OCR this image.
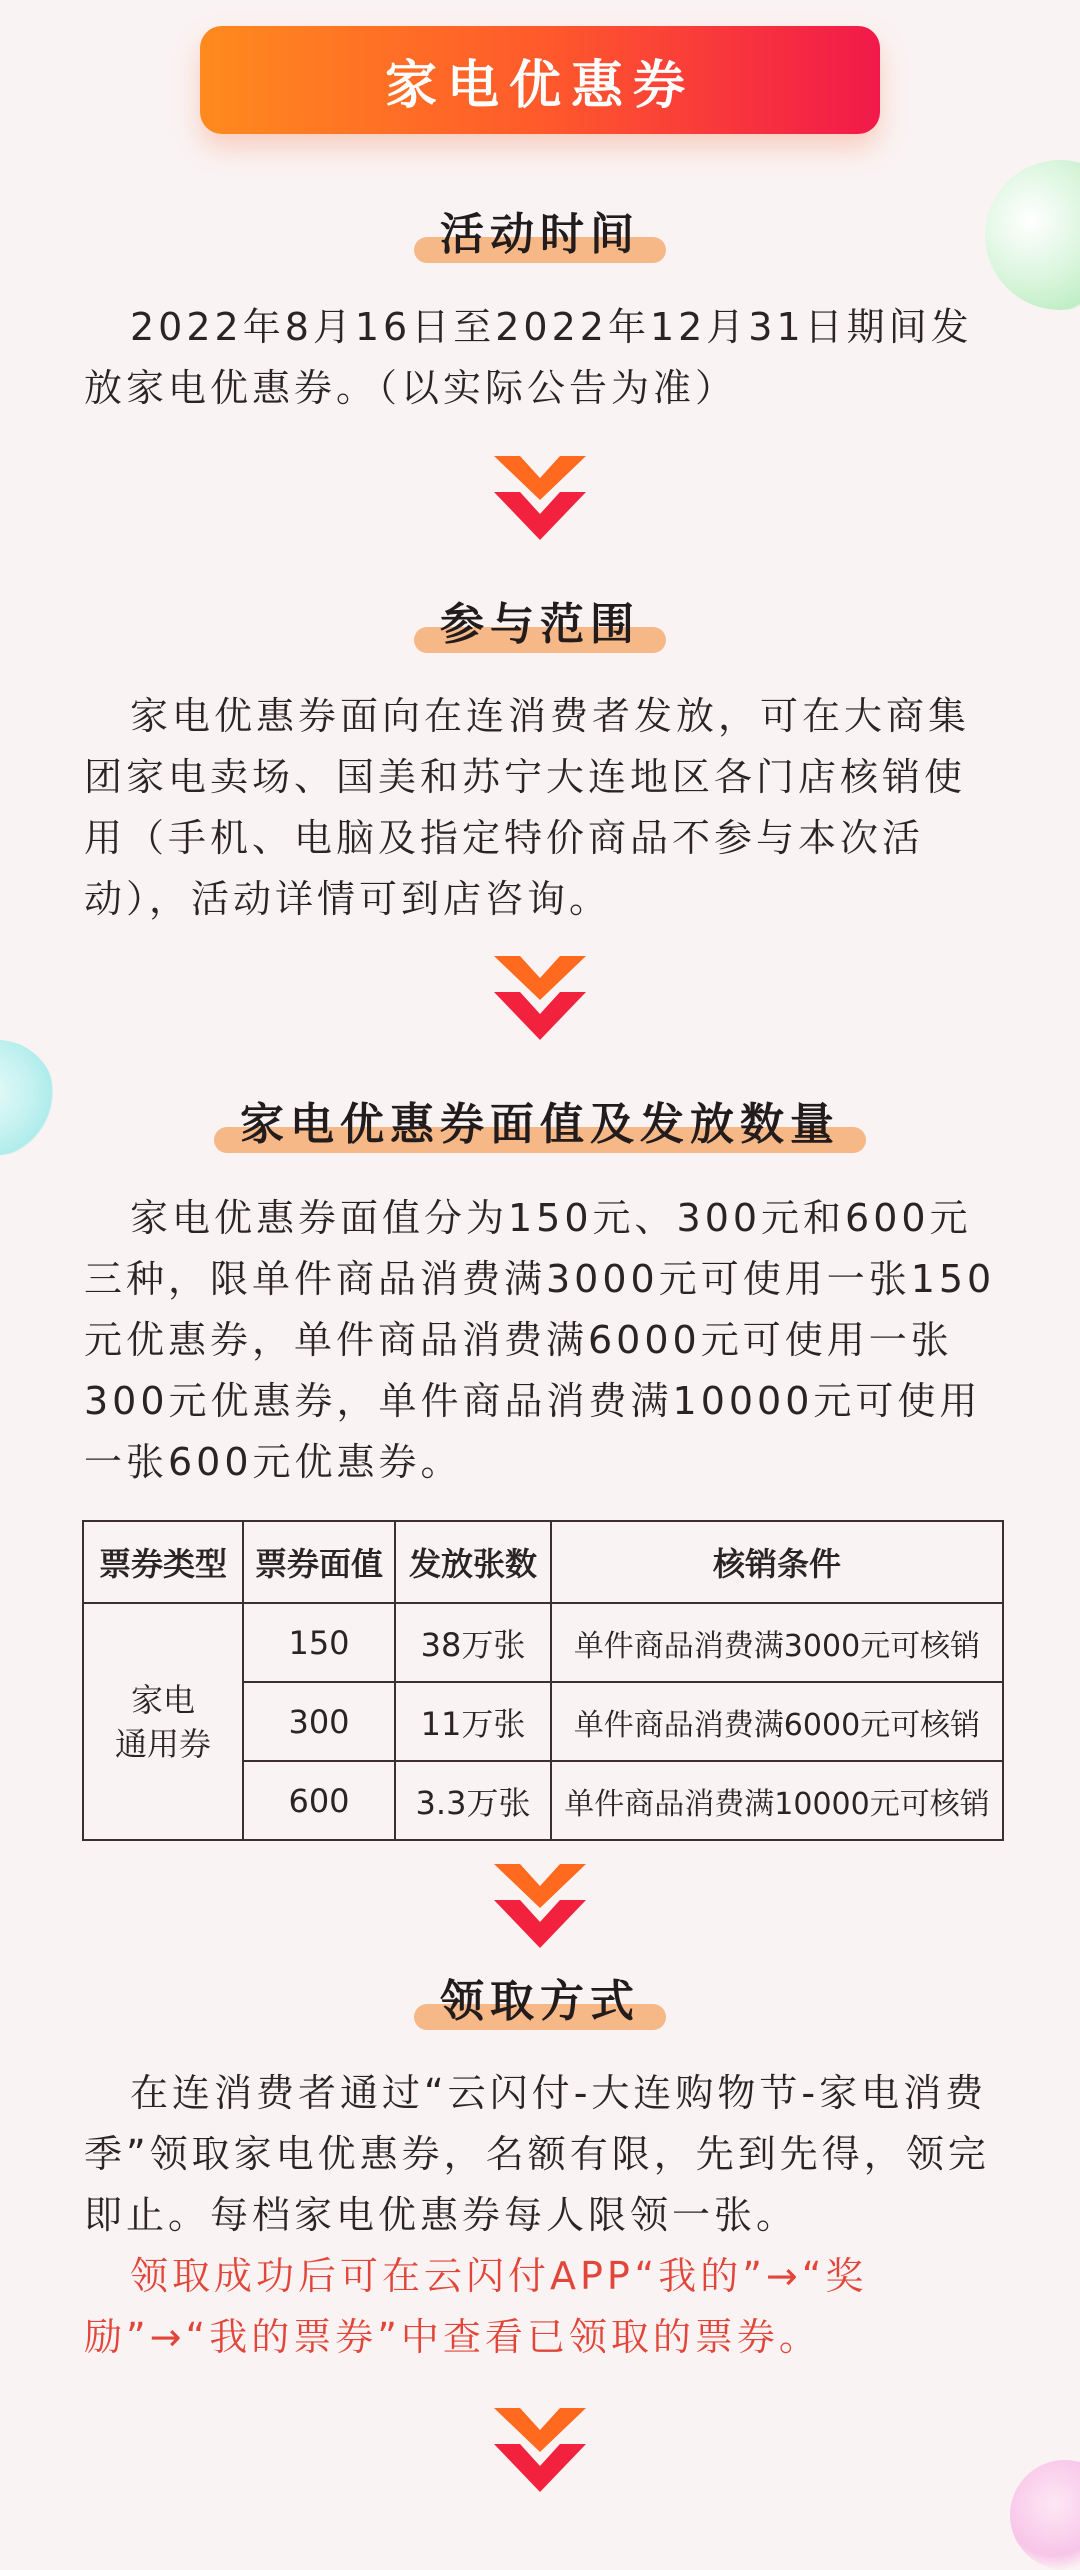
家电优惠券
活动时间
2022年8月16日至2022年12月31日期间发放家电优惠券。（以实际公告为准）
参与范围
家电优惠券面向在连消费者发放，可在大商集团家电卖场、国美和苏宁大连地区各门店核销使用（手机、电脑及指定特价商品不参与本次活动），活动详情可到店咨询。
家电优惠券面值及发放数量
家电优惠券面值分为150元、300元和600元三种，限单件商品消费满3000元可使用一张150元优惠券，单件商品消费满6000元可使用一张300元优惠券，单件商品消费满10000元可使用一张600元优惠券。
票券类型	票券面值	发放张数	核销条件

家电
通用券	150	38万张	单件商品消费满3000元可核销
	300	11万张	单件商品消费满6000元可核销
	600	3.3万张	单件商品消费满10000元可核销
领取方式
在连消费者通过“云闪付-大连购物节-家电消费季”领取家电优惠券，名额有限，先到先得，领完即止。每档家电优惠券每人限领一张。
领取成功后可在云闪付APP“我的”→“奖励”→“我的票券”中查看已领取的票券。
